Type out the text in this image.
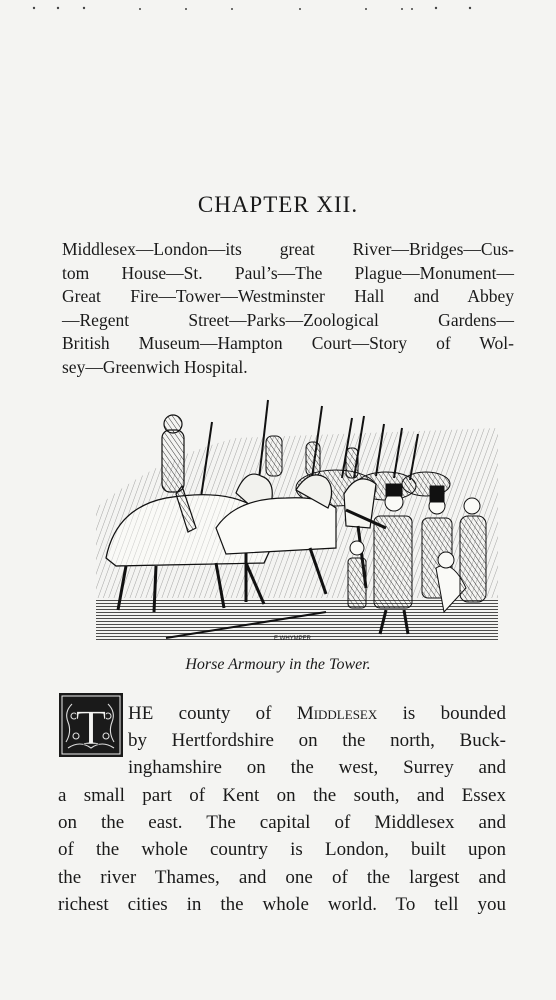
CHAPTER XII.
Middlesex—London—its great River—Bridges—Cus-
tom House—St. Paul’s—The Plague—Monument—
Great Fire—Tower—Westminster Hall and Abbey
—Regent Street—Parks—Zoological Gardens—
British Museum—Hampton Court—Story of Wol-
sey—Greenwich Hospital.
E.WHYMPER
Horse Armoury in the Tower.
T HE county of Middlesex is bounded
by Hertfordshire on the north, Buck-
inghamshire on the west, Surrey and
a small part of Kent on the south, and Essex
on the east. The capital of Middlesex and
of the whole country is London, built upon
the river Thames, and one of the largest and
richest cities in the whole world. To tell you
